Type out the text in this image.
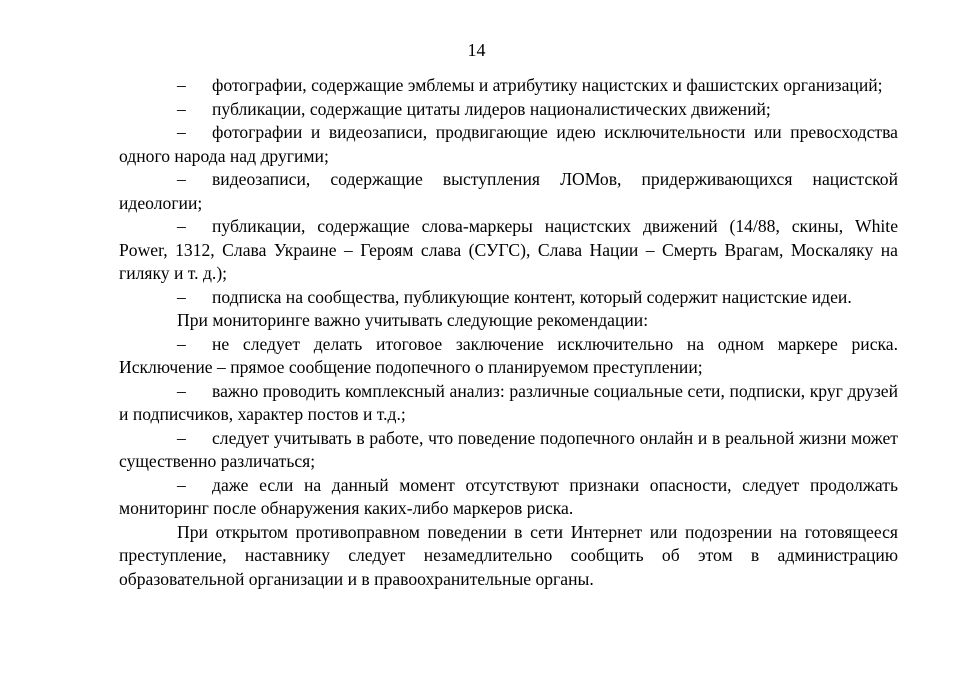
14

– фотографии, содержащие эмблемы и атрибутику нацистских и фашистских организаций;

– публикации, содержащие цитаты лидеров националистических движений;

– фотографии и видеозаписи, продвигающие идею исключительности или превосходства одного народа над другими;

– видеозаписи, содержащие выступления ЛОМов, придерживающихся нацистской идеологии;

– публикации, содержащие слова-маркеры нацистских движений (14/88, скины, White Power, 1312, Слава Украине – Героям слава (СУГС), Слава Нации – Смерть Врагам, Москаляку на гиляку и т. д.);

– подписка на сообщества, публикующие контент, который содержит нацистские идеи.

При мониторинге важно учитывать следующие рекомендации:

– не следует делать итоговое заключение исключительно на одном маркере риска. Исключение – прямое сообщение подопечного о планируемом преступлении;

– важно проводить комплексный анализ: различные социальные сети, подписки, круг друзей и подписчиков, характер постов и т.д.;

– следует учитывать в работе, что поведение подопечного онлайн и в реальной жизни может существенно различаться;

– даже если на данный момент отсутствуют признаки опасности, следует продолжать мониторинг после обнаружения каких-либо маркеров риска.

При открытом противоправном поведении в сети Интернет или подозрении на готовящееся преступление, наставнику следует незамедлительно сообщить об этом в администрацию образовательной организации и в правоохранительные органы.
